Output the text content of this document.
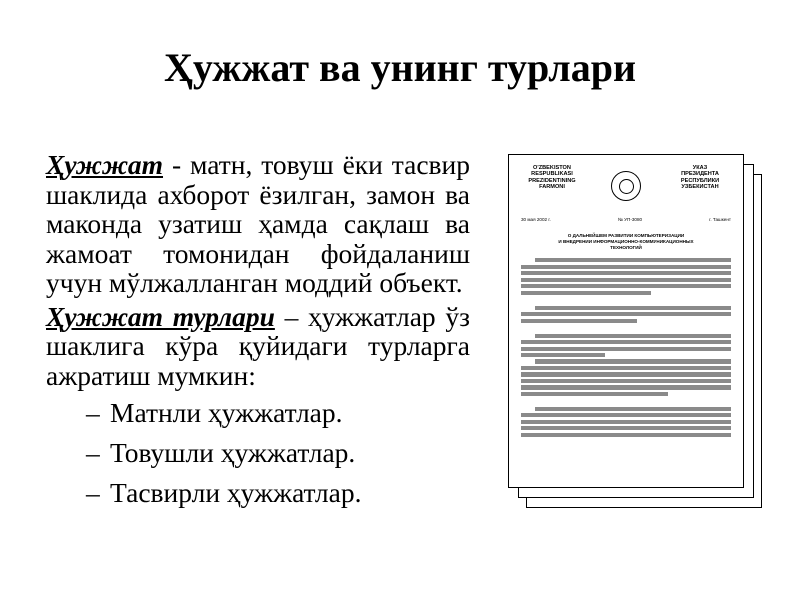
Ҳужжат ва унинг турлари

Ҳужжат - матн, товуш ёки тасвир шаклида ахборот ёзилган, замон ва маконда узатиш ҳамда сақлаш ва жамоат томонидан фойдаланиш учун мўлжалланган моддий объект.

Ҳужжат турлари – ҳужжатлар ўз шаклига кўра қуйидаги турларга ажратиш мумкин:

– Матнли ҳужжатлар.
– Товушли ҳужжатлар.
– Тасвирли ҳужжатлар.
O'ZBEKISTON
RESPUBLIKASI
PREZIDENTINING
FARMONI
УКАЗ
ПРЕЗИДЕНТА
РЕСПУБЛИКИ
УЗБЕКИСТАН
30 мая 2002 г.	№ УП-3080	г. Ташкент
О ДАЛЬНЕЙШЕМ РАЗВИТИИ КОМПЬЮТЕРИЗАЦИИ
И ВНЕДРЕНИИ ИНФОРМАЦИОННО-КОММУНИКАЦИОННЫХ
ТЕХНОЛОГИЙ
